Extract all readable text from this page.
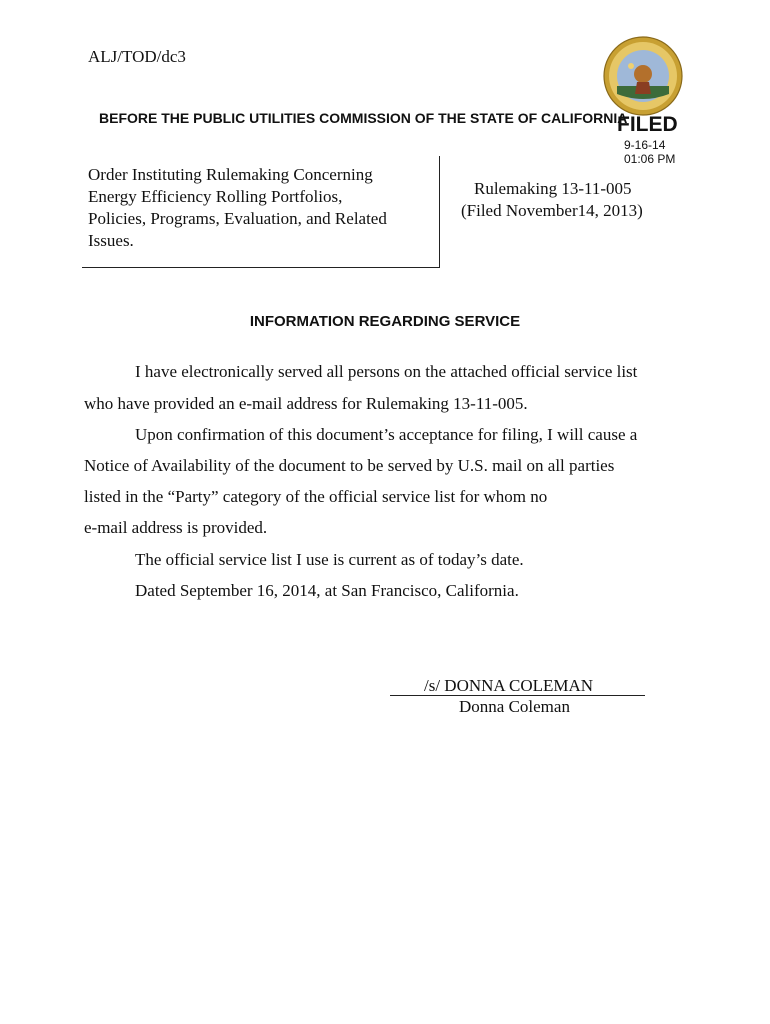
ALJ/TOD/dc3
BEFORE THE PUBLIC UTILITIES COMMISSION OF THE STATE OF CALIFORNIA
FILED
9-16-14
01:06 PM
Order Instituting Rulemaking Concerning
Energy Efficiency Rolling Portfolios,
Policies, Programs, Evaluation, and Related
Issues.
Rulemaking 13-11-005
(Filed November14, 2013)
INFORMATION REGARDING SERVICE
I have electronically served all persons on the attached official service list
who have provided an e-mail address for Rulemaking 13-11-005.
Upon confirmation of this document’s acceptance for filing, I will cause a
Notice of Availability of the document to be served by U.S. mail on all parties
listed in the “Party” category of the official service list for whom no
e-mail address is provided.
The official service list I use is current as of today’s date.
Dated September 16, 2014, at San Francisco, California.
/s/ DONNA COLEMAN
Donna Coleman
